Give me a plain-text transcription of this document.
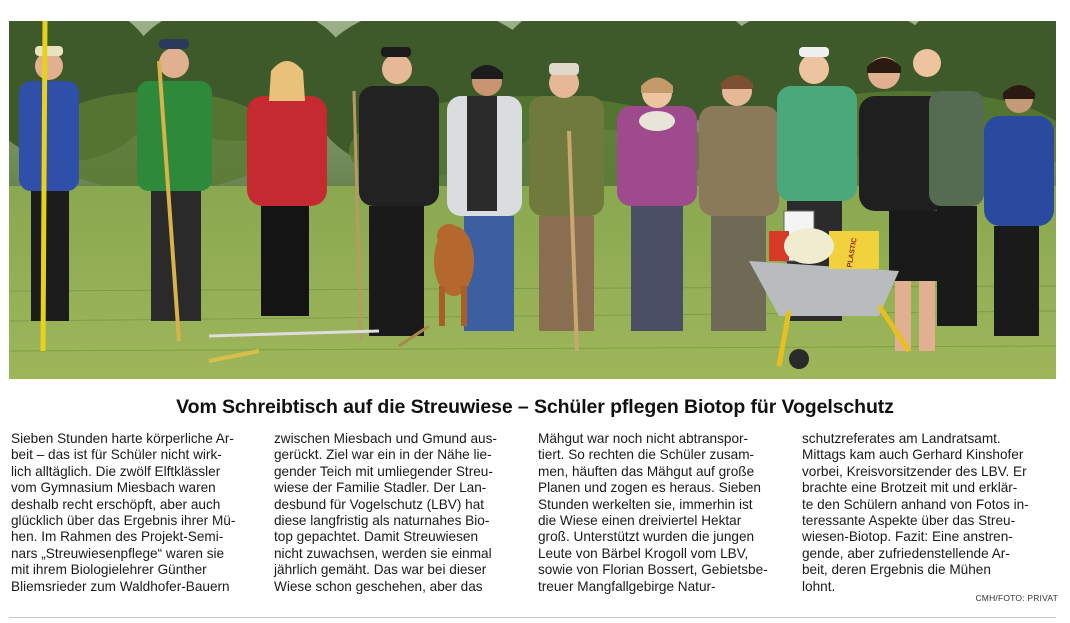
PLASTIC
Vom Schreibtisch auf die Streuwiese – Schüler pflegen Biotop für Vogelschutz
Sieben Stunden harte körperliche Ar-
beit – das ist für Schüler nicht wirk-
lich alltäglich. Die zwölf Elftklässler
vom Gymnasium Miesbach waren
deshalb recht erschöpft, aber auch
glücklich über das Ergebnis ihrer Mü-
hen. Im Rahmen des Projekt-Semi-
nars „Streuwiesenpflege“ waren sie
mit ihrem Biologielehrer Günther
Bliemsrieder zum Waldhofer-Bauern
zwischen Miesbach und Gmund aus-
gerückt. Ziel war ein in der Nähe lie-
gender Teich mit umliegender Streu-
wiese der Familie Stadler. Der Lan-
desbund für Vogelschutz (LBV) hat
diese langfristig als naturnahes Bio-
top gepachtet. Damit Streuwiesen
nicht zuwachsen, werden sie einmal
jährlich gemäht. Das war bei dieser
Wiese schon geschehen, aber das
Mähgut war noch nicht abtranspor-
tiert. So rechten die Schüler zusam-
men, häuften das Mähgut auf große
Planen und zogen es heraus. Sieben
Stunden werkelten sie, immerhin ist
die Wiese einen dreiviertel Hektar
groß. Unterstützt wurden die jungen
Leute von Bärbel Krogoll vom LBV,
sowie von Florian Bossert, Gebietsbe-
treuer Mangfallgebirge Natur-
schutzreferates am Landratsamt.
Mittags kam auch Gerhard Kinshofer
vorbei, Kreisvorsitzender des LBV. Er
brachte eine Brotzeit mit und erklär-
te den Schülern anhand von Fotos in-
teressante Aspekte über das Streu-
wiesen-Biotop. Fazit: Eine anstren-
gende, aber zufriedenstellende Ar-
beit, deren Ergebnis die Mühen
lohnt.
CMH/FOTO: PRIVAT
